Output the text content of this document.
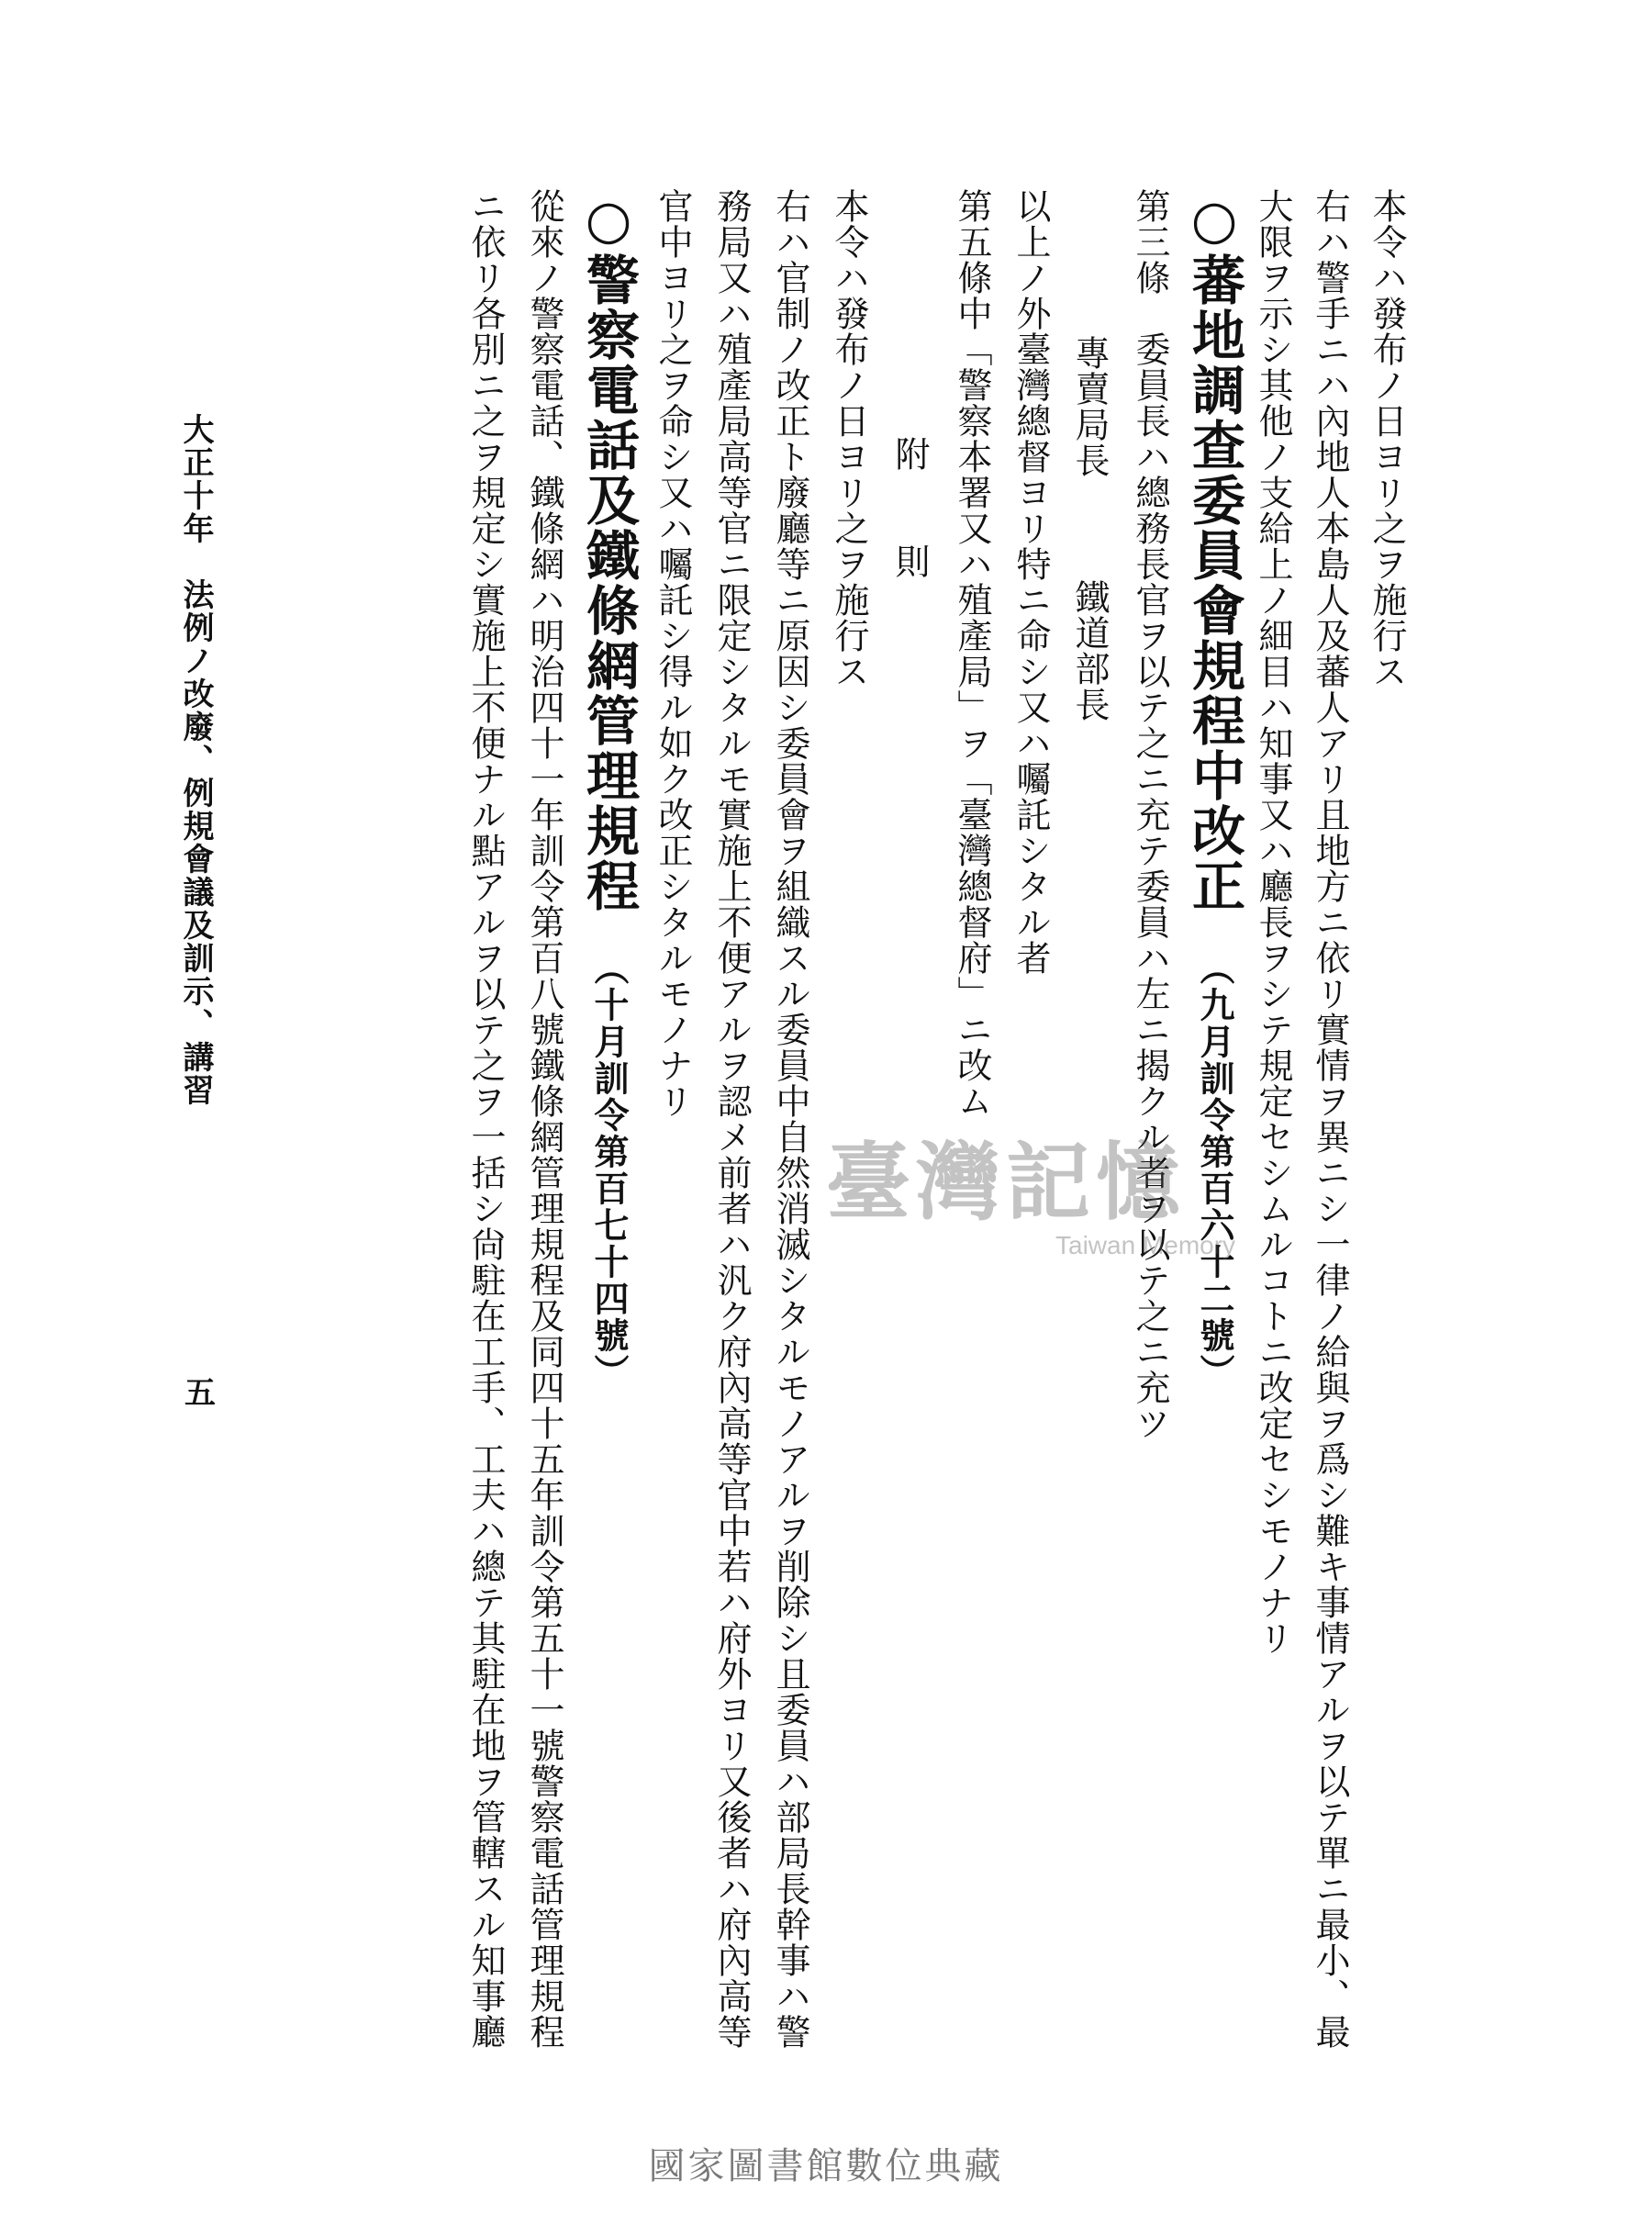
本令ハ發布ノ日ヨリ之ヲ施行ス
右ハ警手ニハ內地人本島人及蕃人アリ且地方ニ依リ實情ヲ異ニシ一律ノ給與ヲ爲シ難キ事情アルヲ以テ單ニ最小、最
大限ヲ示シ其他ノ支給上ノ細目ハ知事又ハ廳長ヲシテ規定セシムルコトニ改定セシモノナリ
○蕃地調查委員會規程中改正（九月訓令第百六十二號）
第三條　委員長ハ總務長官ヲ以テ之ニ充テ委員ハ左ニ揭クル者ヲ以テ之ニ充ツ
專賣局長鐵道部長
以上ノ外臺灣總督ヨリ特ニ命シ又ハ囑託シタル者
第五條中「警察本署又ハ殖產局」ヲ「臺灣總督府」ニ改ム
附　　則
本令ハ發布ノ日ヨリ之ヲ施行ス
右ハ官制ノ改正ト廢廳等ニ原因シ委員會ヲ組織スル委員中自然消滅シタルモノアルヲ削除シ且委員ハ部局長幹事ハ警
務局又ハ殖產局高等官ニ限定シタルモ實施上不便アルヲ認メ前者ハ汎ク府內高等官中若ハ府外ヨリ又後者ハ府內高等
官中ヨリ之ヲ命シ又ハ囑託シ得ル如ク改正シタルモノナリ
○警察電話及鐵條網管理規程（十月訓令第百七十四號）
從來ノ警察電話、鐵條網ハ明治四十一年訓令第百八號鐵條網管理規程及同四十五年訓令第五十一號警察電話管理規程
ニ依リ各別ニ之ヲ規定シ實施上不便ナル點アルヲ以テ之ヲ一括シ尙駐在工手、工夫ハ總テ其駐在地ヲ管轄スル知事廳
大正十年　法例ノ改廢、例規會議及訓示、講習
五
臺灣記憶
Taiwan Memory
國家圖書館數位典藏
